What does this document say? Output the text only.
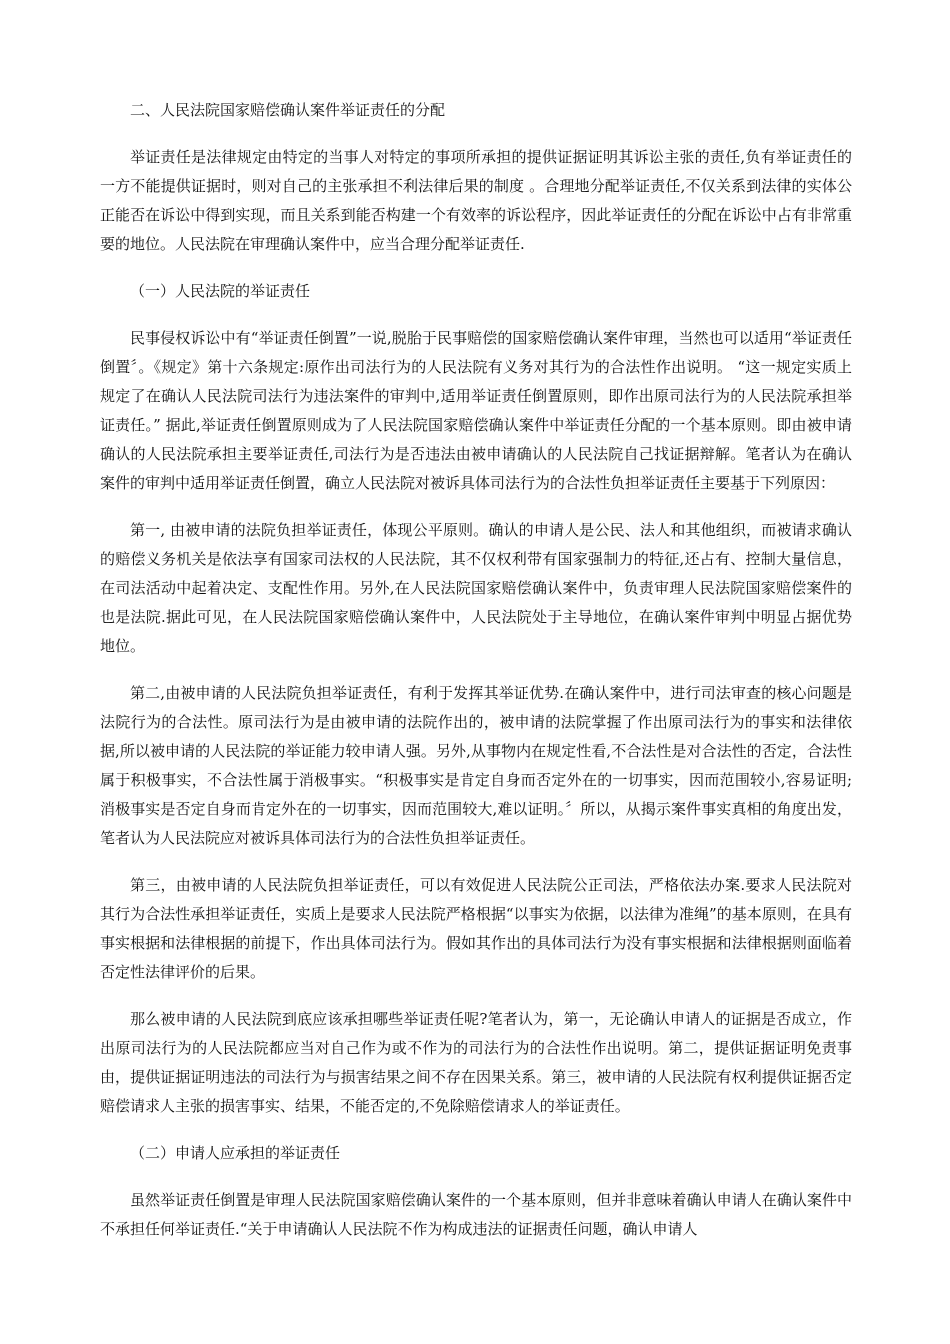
二、人民法院国家赔偿确认案件举证责任的分配

举证责任是法律规定由特定的当事人对特定的事项所承担的提供证据证明其诉讼主张的责任,负有举证责任的一方不能提供证据时，则对自己的主张承担不利法律后果的制度 。合理地分配举证责任,不仅关系到法律的实体公正能否在诉讼中得到实现，而且关系到能否构建一个有效率的诉讼程序，因此举证责任的分配在诉讼中占有非常重要的地位。人民法院在审理确认案件中，应当合理分配举证责任.

（一）人民法院的举证责任

民事侵权诉讼中有“举证责任倒置”一说,脱胎于民事赔偿的国家赔偿确认案件审理，当然也可以适用“举证责任倒置〞。《规定》第十六条规定:原作出司法行为的人民法院有义务对其行为的合法性作出说明。 “这一规定实质上规定了在确认人民法院司法行为违法案件的审判中,适用举证责任倒置原则，即作出原司法行为的人民法院承担举证责任。” 据此,举证责任倒置原则成为了人民法院国家赔偿确认案件中举证责任分配的一个基本原则。即由被申请确认的人民法院承担主要举证责任,司法行为是否违法由被申请确认的人民法院自己找证据辩解。笔者认为在确认案件的审判中适用举证责任倒置，确立人民法院对被诉具体司法行为的合法性负担举证责任主要基于下列原因：

第一, 由被申请的法院负担举证责任，体现公平原则。确认的申请人是公民、法人和其他组织，而被请求确认的赔偿义务机关是依法享有国家司法权的人民法院，其不仅权利带有国家强制力的特征,还占有、控制大量信息，在司法活动中起着决定、支配性作用。另外,在人民法院国家赔偿确认案件中，负责审理人民法院国家赔偿案件的也是法院.据此可见，在人民法院国家赔偿确认案件中，人民法院处于主导地位，在确认案件审判中明显占据优势地位。

第二,由被申请的人民法院负担举证责任，有利于发挥其举证优势.在确认案件中，进行司法审查的核心问题是法院行为的合法性。原司法行为是由被申请的法院作出的，被申请的法院掌握了作出原司法行为的事实和法律依据,所以被申请的人民法院的举证能力较申请人强。另外,从事物内在规定性看,不合法性是对合法性的否定，合法性属于积极事实，不合法性属于消极事实。“积极事实是肯定自身而否定外在的一切事实，因而范围较小,容易证明;消极事实是否定自身而肯定外在的一切事实，因而范围较大,难以证明。〞所以，从揭示案件事实真相的角度出发，笔者认为人民法院应对被诉具体司法行为的合法性负担举证责任。

第三，由被申请的人民法院负担举证责任，可以有效促进人民法院公正司法，严格依法办案.要求人民法院对其行为合法性承担举证责任，实质上是要求人民法院严格根据“以事实为依据，以法律为准绳”的基本原则，在具有事实根据和法律根据的前提下，作出具体司法行为。假如其作出的具体司法行为没有事实根据和法律根据则面临着否定性法律评价的后果。

那么被申请的人民法院到底应该承担哪些举证责任呢?笔者认为，第一，无论确认申请人的证据是否成立，作出原司法行为的人民法院都应当对自己作为或不作为的司法行为的合法性作出说明。第二，提供证据证明免责事由，提供证据证明违法的司法行为与损害结果之间不存在因果关系。第三，被申请的人民法院有权利提供证据否定赔偿请求人主张的损害事实、结果，不能否定的,不免除赔偿请求人的举证责任。

（二）申请人应承担的举证责任

虽然举证责任倒置是审理人民法院国家赔偿确认案件的一个基本原则，但并非意味着确认申请人在确认案件中不承担任何举证责任.“关于申请确认人民法院不作为构成违法的证据责任问题，确认申请人
